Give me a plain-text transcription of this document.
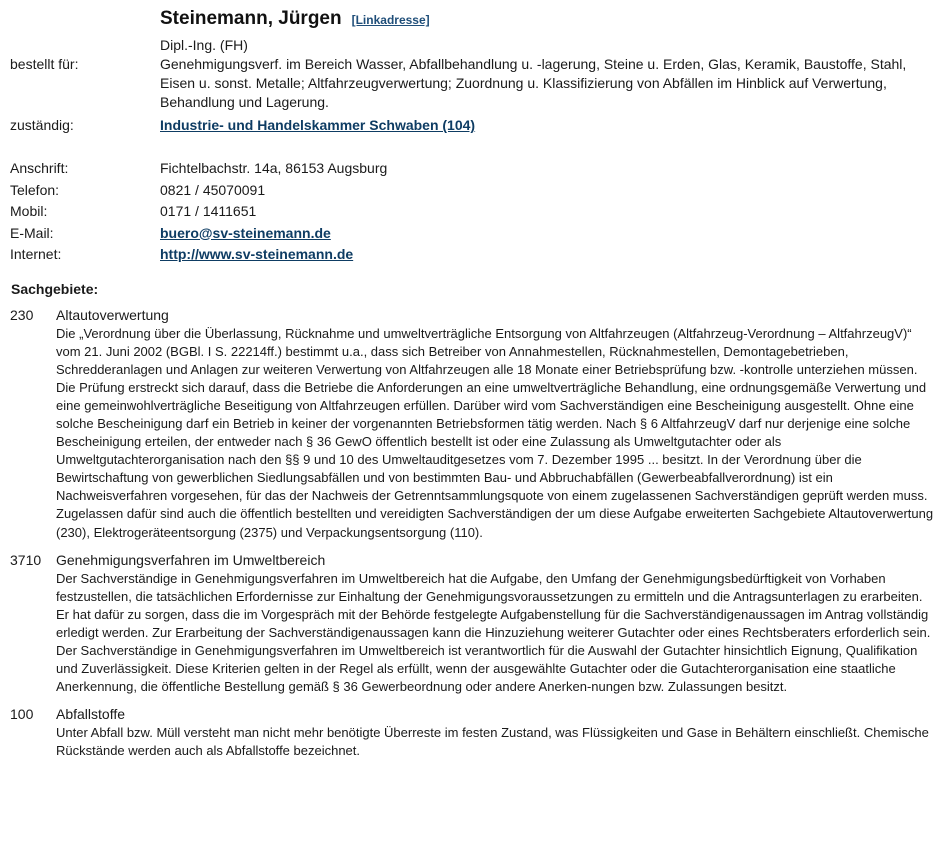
Steinemann, Jürgen [Linkadresse]
Dipl.-Ing. (FH)
bestellt für:	Genehmigungsverf. im Bereich Wasser, Abfallbehandlung u. -lagerung, Steine u. Erden, Glas, Keramik, Baustoffe, Stahl, Eisen u. sonst. Metalle; Altfahrzeugverwertung; Zuordnung u. Klassifizierung von Abfällen im Hinblick auf Verwertung, Behandlung und Lagerung.
zuständig:	Industrie- und Handelskammer Schwaben (104)
Anschrift:	Fichtelbachstr. 14a, 86153 Augsburg
Telefon:	0821 / 45070091
Mobil:	0171 / 1411651
E-Mail:	buero@sv-steinemann.de
Internet:	http://www.sv-steinemann.de
Sachgebiete:
230	Altautoverwertung
Die „Verordnung über die Überlassung, Rücknahme und umweltverträgliche Entsorgung von Altfahrzeugen (Altfahrzeug-Verordnung – AltfahrzeugV)“ vom 21. Juni 2002 (BGBl. I S. 22214ff.) bestimmt u.a., dass sich Betreiber von Annahmestellen, Rücknahmestellen, Demontagebetrieben, Schredderanlagen und Anlagen zur weiteren Verwertung von Altfahrzeugen alle 18 Monate einer Betriebsprüfung bzw. -kontrolle unterziehen müssen. Die Prüfung erstreckt sich darauf, dass die Betriebe die Anforderungen an eine umweltverträgliche Behandlung, eine ordnungsgemäße Verwertung und eine gemeinwohlverträgliche Beseitigung von Altfahrzeugen erfüllen. Darüber wird vom Sachverständigen eine Bescheinigung ausgestellt. Ohne eine solche Bescheinigung darf ein Betrieb in keiner der vorgenannten Betriebsformen tätig werden. Nach § 6 AltfahrzeugV darf nur derjenige eine solche Bescheinigung erteilen, der entweder nach § 36 GewO öffentlich bestellt ist oder eine Zulassung als Umweltgutachter oder als Umweltgutachterorganisation nach den §§ 9 und 10 des Umweltauditgesetzes vom 7. Dezember 1995 ... besitzt. In der Verordnung über die Bewirtschaftung von gewerblichen Siedlungsabfällen und von bestimmten Bau- und Abbruchabfällen (Gewerbeabfallverordnung) ist ein Nachweisverfahren vorgesehen, für das der Nachweis der Getrenntsammlungsquote von einem zugelassenen Sachverständigen geprüft werden muss. Zugelassen dafür sind auch die öffentlich bestellten und vereidigten Sachverständigen der um diese Aufgabe erweiterten Sachgebiete Altautoverwertung (230), Elektrogeräteentsorgung (2375) und Verpackungsentsorgung (110).
3710	Genehmigungsverfahren im Umweltbereich
Der Sachverständige in Genehmigungsverfahren im Umweltbereich hat die Aufgabe, den Umfang der Genehmigungsbedürftigkeit von Vorhaben festzustellen, die tatsächlichen Erfordernisse zur Einhaltung der Genehmigungsvoraussetzungen zu ermitteln und die Antragsunterlagen zu erarbeiten. Er hat dafür zu sorgen, dass die im Vorgespräch mit der Behörde festgelegte Aufgabenstellung für die Sachverständigenaussagen im Antrag vollständig erledigt werden. Zur Erarbeitung der Sachverständigenaussagen kann die Hinzuziehung weiterer Gutachter oder eines Rechtsberaters erforderlich sein. Der Sachverständige in Genehmigungsverfahren im Umweltbereich ist verantwortlich für die Auswahl der Gutachter hinsichtlich Eignung, Qualifikation und Zuverlässigkeit. Diese Kriterien gelten in der Regel als erfüllt, wenn der ausgewählte Gutachter oder die Gutachterorganisation eine staatliche Anerkennung, die öffentliche Bestellung gemäß § 36 Gewerbeordnung oder andere Anerken-nungen bzw. Zulassungen besitzt.
100	Abfallstoffe
Unter Abfall bzw. Müll versteht man nicht mehr benötigte Überreste im festen Zustand, was Flüssigkeiten und Gase in Behältern einschließt. Chemische Rückstände werden auch als Abfallstoffe bezeichnet.
